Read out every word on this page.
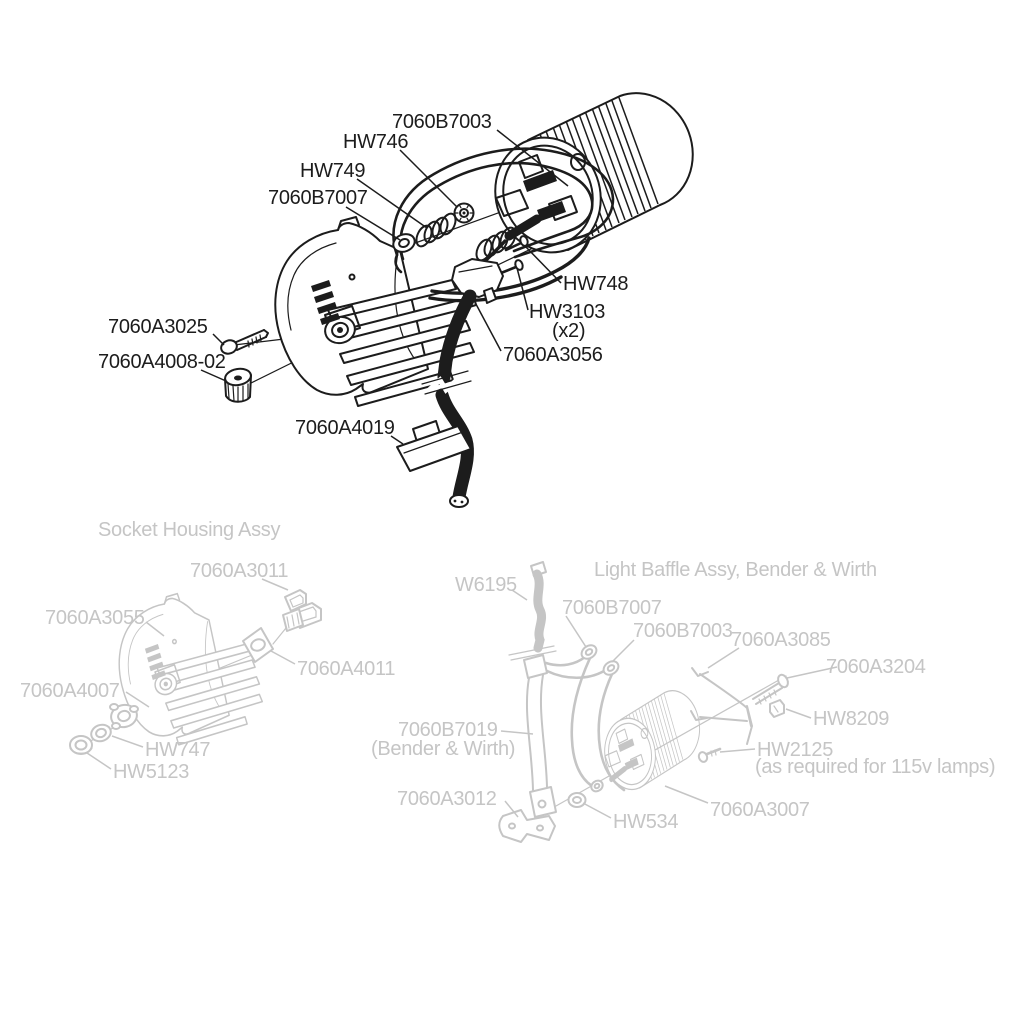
7060B7003
HW746
HW749
7060B7007
HW748
HW3103
(x2)
7060A3056
7060A3025
7060A4008-02
7060A4019
Socket Housing Assy
7060A3011
7060A3055
7060A4011
7060A4007
HW747
HW5123
Light Baffle Assy, Bender & Wirth
W6195
7060B7007
7060B7003
7060A3085
7060A3204
HW8209
7060B7019
(Bender & Wirth)	HW2125
(as required for 115v lamps)
7060A3012
HW534
7060A3007
